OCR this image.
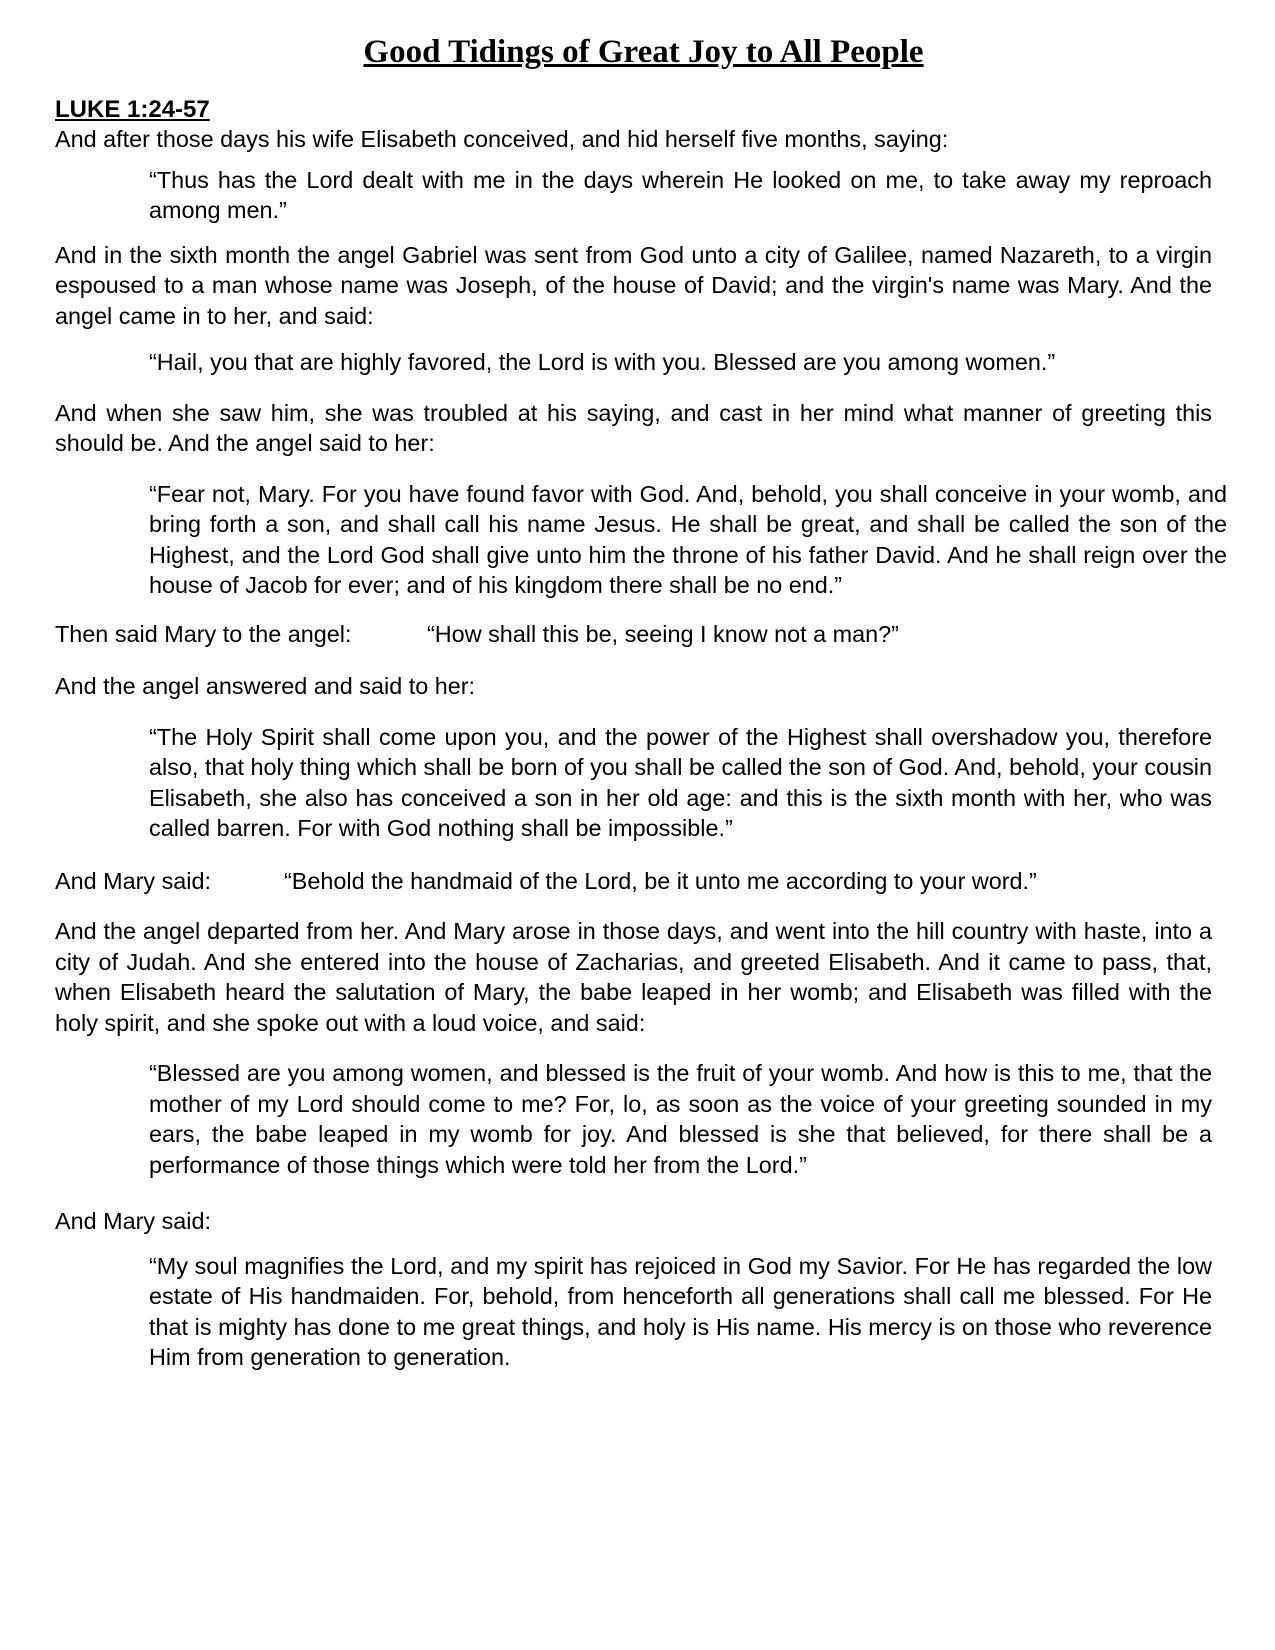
Good Tidings of Great Joy to All People
LUKE 1:24-57

And after those days his wife Elisabeth conceived, and hid herself five months, saying:

“Thus has the Lord dealt with me in the days wherein He looked on me, to take away my reproach among men.”

And in the sixth month the angel Gabriel was sent from God unto a city of Galilee, named Nazareth, to a virgin espoused to a man whose name was Joseph, of the house of David; and the virgin's name was Mary. And the angel came in to her, and said:

“Hail, you that are highly favored, the Lord is with you. Blessed are you among women.”

And when she saw him, she was troubled at his saying, and cast in her mind what manner of greeting this should be. And the angel said to her:

“Fear not, Mary. For you have found favor with God. And, behold, you shall conceive in your womb, and bring forth a son, and shall call his name Jesus. He shall be great, and shall be called the son of the Highest, and the Lord God shall give unto him the throne of his father David. And he shall reign over the house of Jacob for ever; and of his kingdom there shall be no end.”

Then said Mary to the angel:	“How shall this be, seeing I know not a man?”

And the angel answered and said to her:

“The Holy Spirit shall come upon you, and the power of the Highest shall overshadow you, therefore also, that holy thing which shall be born of you shall be called the son of God. And, behold, your cousin Elisabeth, she also has conceived a son in her old age: and this is the sixth month with her, who was called barren. For with God nothing shall be impossible.”

And Mary said:	“Behold the handmaid of the Lord, be it unto me according to your word.”

And the angel departed from her. And Mary arose in those days, and went into the hill country with haste, into a city of Judah. And she entered into the house of Zacharias, and greeted Elisabeth. And it came to pass, that, when Elisabeth heard the salutation of Mary, the babe leaped in her womb; and Elisabeth was filled with the holy spirit, and she spoke out with a loud voice, and said:

“Blessed are you among women, and blessed is the fruit of your womb. And how is this to me, that the mother of my Lord should come to me? For, lo, as soon as the voice of your greeting sounded in my ears, the babe leaped in my womb for joy. And blessed is she that believed, for there shall be a performance of those things which were told her from the Lord.”

And Mary said:

“My soul magnifies the Lord, and my spirit has rejoiced in God my Savior. For He has regarded the low estate of His handmaiden. For, behold, from henceforth all generations shall call me blessed. For He that is mighty has done to me great things, and holy is His name. His mercy is on those who reverence Him from generation to generation.
